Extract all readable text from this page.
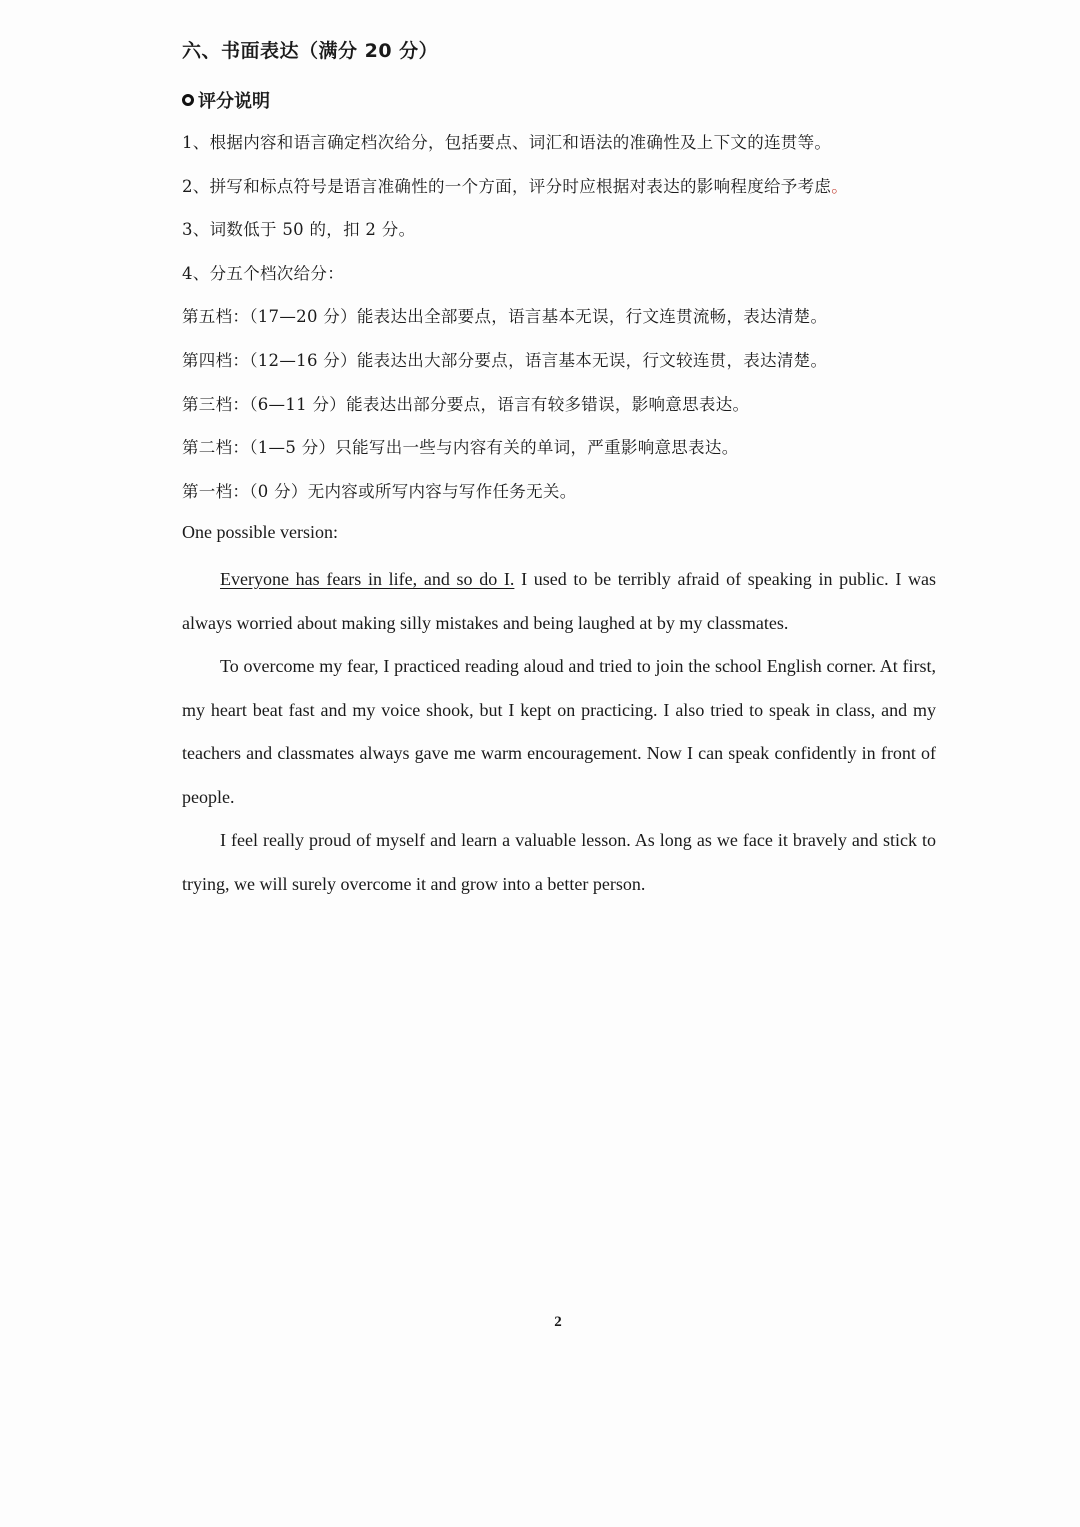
六、书面表达（满分 20 分）
评分说明
1、根据内容和语言确定档次给分，包括要点、词汇和语法的准确性及上下文的连贯等。
2、拼写和标点符号是语言准确性的一个方面，评分时应根据对表达的影响程度给予考虑。
3、词数低于 50 的，扣 2 分。
4、分五个档次给分：
第五档：（17—20 分）能表达出全部要点，语言基本无误，行文连贯流畅，表达清楚。
第四档：（12—16 分）能表达出大部分要点，语言基本无误，行文较连贯，表达清楚。
第三档：（6—11 分）能表达出部分要点，语言有较多错误，影响意思表达。
第二档：（1—5 分）只能写出一些与内容有关的单词，严重影响意思表达。
第一档：（0 分）无内容或所写内容与写作任务无关。
One possible version:

Everyone has fears in life, and so do I. I used to be terribly afraid of speaking in public. I was always worried about making silly mistakes and being laughed at by my classmates.

To overcome my fear, I practiced reading aloud and tried to join the school English corner. At first, my heart beat fast and my voice shook, but I kept on practicing. I also tried to speak in class, and my teachers and classmates always gave me warm encouragement. Now I can speak confidently in front of people.

I feel really proud of myself and learn a valuable lesson. As long as we face it bravely and stick to trying, we will surely overcome it and grow into a better person.

2
